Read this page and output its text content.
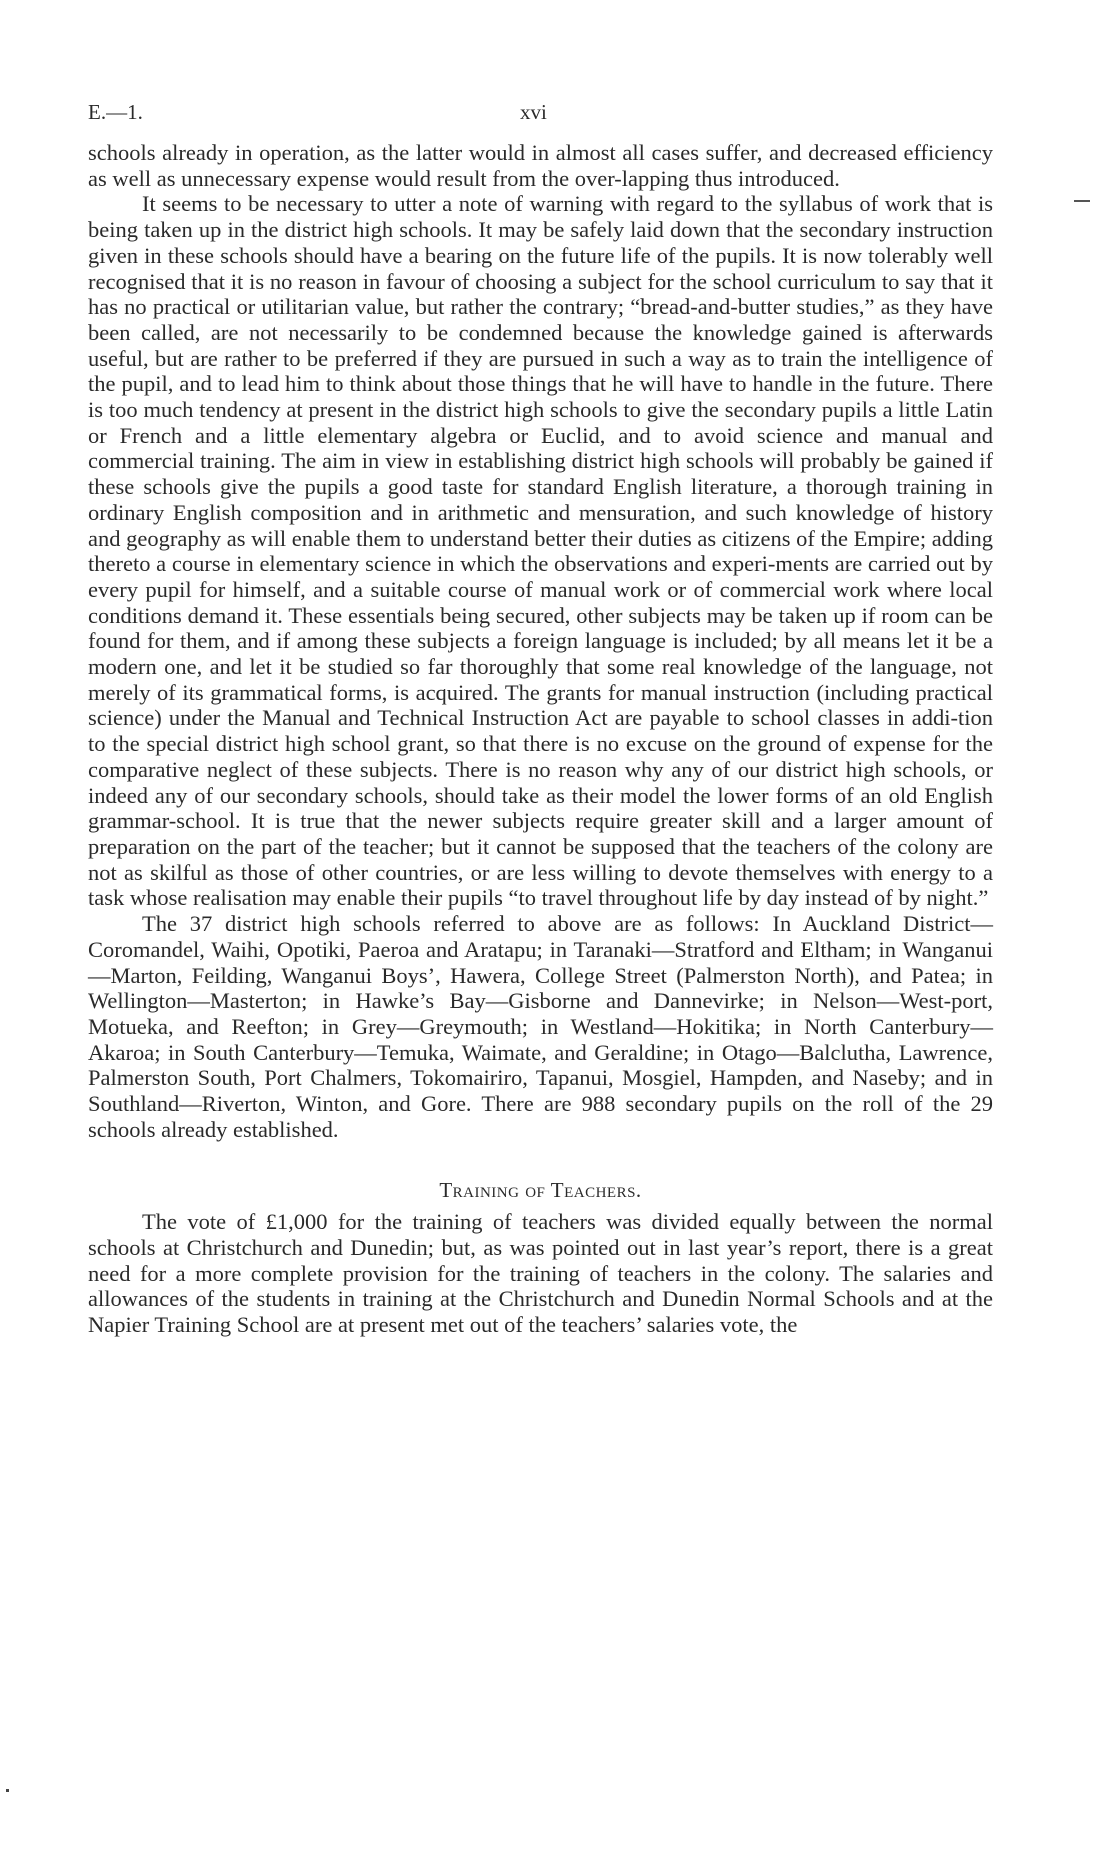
E.—1.	xvi

schools already in operation, as the latter would in almost all cases suffer, and decreased efficiency as well as unnecessary expense would result from the over-lapping thus introduced.

It seems to be necessary to utter a note of warning with regard to the syllabus of work that is being taken up in the district high schools. It may be safely laid down that the secondary instruction given in these schools should have a bearing on the future life of the pupils. It is now tolerably well recognised that it is no reason in favour of choosing a subject for the school curriculum to say that it has no practical or utilitarian value, but rather the contrary; “bread-and-butter studies,” as they have been called, are not necessarily to be condemned because the knowledge gained is afterwards useful, but are rather to be preferred if they are pursued in such a way as to train the intelligence of the pupil, and to lead him to think about those things that he will have to handle in the future. There is too much tendency at present in the district high schools to give the secondary pupils a little Latin or French and a little elementary algebra or Euclid, and to avoid science and manual and commercial training. The aim in view in establishing district high schools will probably be gained if these schools give the pupils a good taste for standard English literature, a thorough training in ordinary English composition and in arithmetic and mensuration, and such knowledge of history and geography as will enable them to understand better their duties as citizens of the Empire; adding thereto a course in elementary science in which the observations and experi-ments are carried out by every pupil for himself, and a suitable course of manual work or of commercial work where local conditions demand it. These essentials being secured, other subjects may be taken up if room can be found for them, and if among these subjects a foreign language is included; by all means let it be a modern one, and let it be studied so far thoroughly that some real knowledge of the language, not merely of its grammatical forms, is acquired. The grants for manual instruction (including practical science) under the Manual and Technical Instruction Act are payable to school classes in addi-tion to the special district high school grant, so that there is no excuse on the ground of expense for the comparative neglect of these subjects. There is no reason why any of our district high schools, or indeed any of our secondary schools, should take as their model the lower forms of an old English grammar-school. It is true that the newer subjects require greater skill and a larger amount of preparation on the part of the teacher; but it cannot be supposed that the teachers of the colony are not as skilful as those of other countries, or are less willing to devote themselves with energy to a task whose realisation may enable their pupils “to travel throughout life by day instead of by night.”

The 37 district high schools referred to above are as follows: In Auckland District—Coromandel, Waihi, Opotiki, Paeroa and Aratapu; in Taranaki—Stratford and Eltham; in Wanganui—Marton, Feilding, Wanganui Boys’, Hawera, College Street (Palmerston North), and Patea; in Wellington—Masterton; in Hawke’s Bay—Gisborne and Dannevirke; in Nelson—West-port, Motueka, and Reefton; in Grey—Greymouth; in Westland—Hokitika; in North Canterbury—Akaroa; in South Canterbury—Temuka, Waimate, and Geraldine; in Otago—Balclutha, Lawrence, Palmerston South, Port Chalmers, Tokomairiro, Tapanui, Mosgiel, Hampden, and Naseby; and in Southland—Riverton, Winton, and Gore. There are 988 secondary pupils on the roll of the 29 schools already established.

Training of Teachers.

The vote of £1,000 for the training of teachers was divided equally between the normal schools at Christchurch and Dunedin; but, as was pointed out in last year’s report, there is a great need for a more complete provision for the training of teachers in the colony. The salaries and allowances of the students in training at the Christchurch and Dunedin Normal Schools and at the Napier Training School are at present met out of the teachers’ salaries vote, the
